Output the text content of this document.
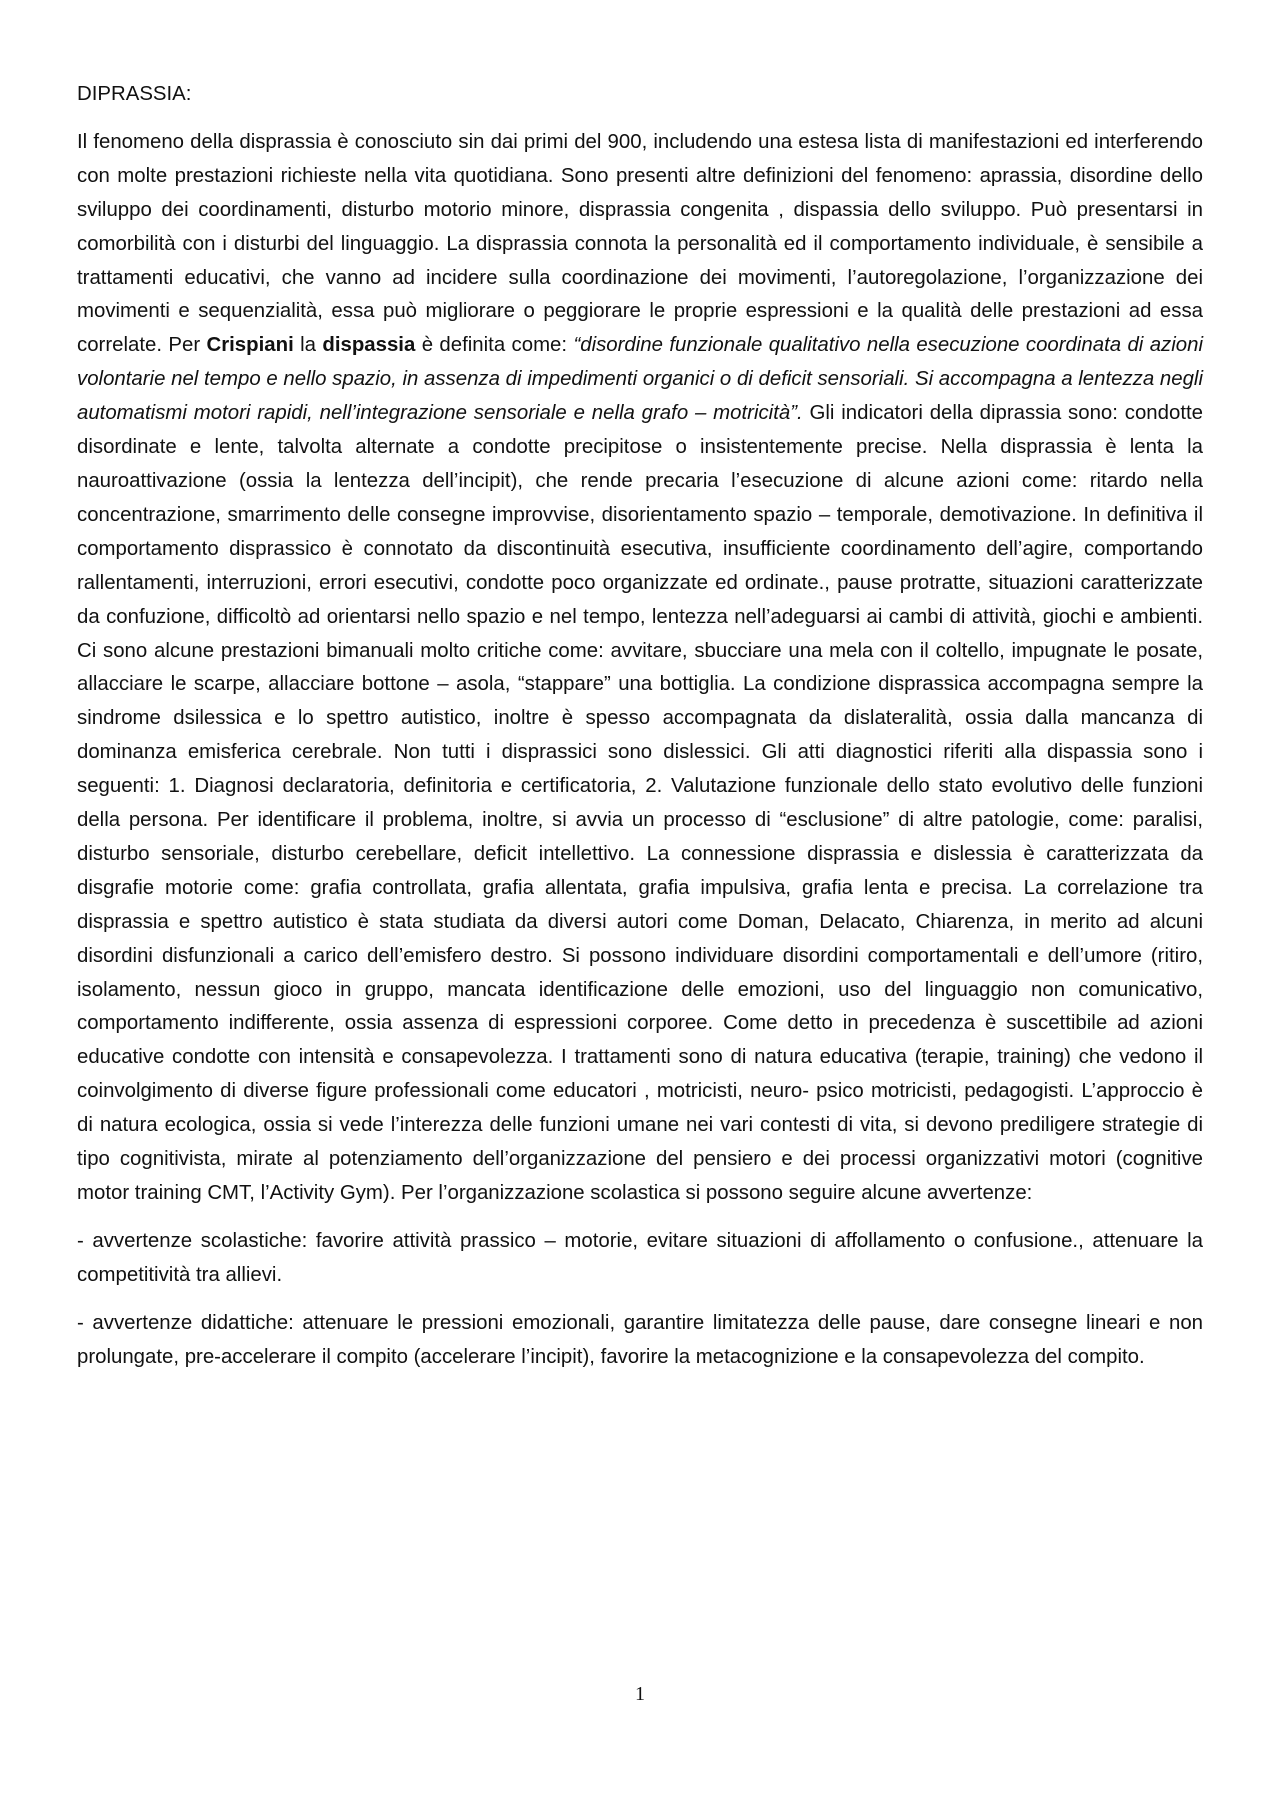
DIPRASSIA:

Il fenomeno della disprassia è conosciuto sin dai primi del 900, includendo una estesa lista di manifestazioni ed interferendo con molte prestazioni richieste nella vita quotidiana. Sono presenti altre definizioni del fenomeno: aprassia, disordine dello sviluppo dei coordinamenti, disturbo motorio minore, disprassia congenita , dispassia dello sviluppo. Può presentarsi in comorbilità con i disturbi del linguaggio. La disprassia connota la personalità ed il comportamento individuale, è sensibile a trattamenti educativi, che vanno ad incidere sulla coordinazione dei movimenti, l’autoregolazione, l’organizzazione dei movimenti e sequenzialità, essa può migliorare o peggiorare le proprie espressioni e la qualità delle prestazioni ad essa correlate. Per Crispiani la dispassia è definita come: “disordine funzionale qualitativo nella esecuzione coordinata di azioni volontarie nel tempo e nello spazio, in assenza di impedimenti organici o di deficit sensoriali. Si accompagna a lentezza negli automatismi motori rapidi, nell’integrazione sensoriale e nella grafo – motricità”. Gli indicatori della diprassia sono: condotte disordinate e lente, talvolta alternate a condotte precipitose o insistentemente precise. Nella disprassia è lenta la nauroattivazione (ossia la lentezza dell’incipit), che rende precaria l’esecuzione di alcune azioni come: ritardo nella concentrazione, smarrimento delle consegne improvvise, disorientamento spazio – temporale, demotivazione. In definitiva il comportamento disprassico è connotato da discontinuità esecutiva, insufficiente coordinamento dell’agire, comportando rallentamenti, interruzioni, errori esecutivi, condotte poco organizzate ed ordinate., pause protratte, situazioni caratterizzate da confuzione, difficoltò ad orientarsi nello spazio e nel tempo, lentezza nell’adeguarsi ai cambi di attività, giochi e ambienti. Ci sono alcune prestazioni bimanuali molto critiche come: avvitare, sbucciare una mela con il coltello, impugnate le posate, allacciare le scarpe, allacciare bottone – asola, “stappare” una bottiglia. La condizione disprassica accompagna sempre la sindrome dsilessica e lo spettro autistico, inoltre è spesso accompagnata da dislateralità, ossia dalla mancanza di dominanza emisferica cerebrale. Non tutti i disprassici sono dislessici. Gli atti diagnostici riferiti alla dispassia sono i seguenti: 1. Diagnosi declaratoria, definitoria e certificatoria, 2. Valutazione funzionale dello stato evolutivo delle funzioni della persona. Per identificare il problema, inoltre, si avvia un processo di “esclusione” di altre patologie, come: paralisi, disturbo sensoriale, disturbo cerebellare, deficit intellettivo. La connessione disprassia e dislessia è caratterizzata da disgrafie motorie come: grafia controllata, grafia allentata, grafia impulsiva, grafia lenta e precisa. La correlazione tra disprassia e spettro autistico è stata studiata da diversi autori come Doman, Delacato, Chiarenza, in merito ad alcuni disordini disfunzionali a carico dell’emisfero destro. Si possono individuare disordini comportamentali e dell’umore (ritiro, isolamento, nessun gioco in gruppo, mancata identificazione delle emozioni, uso del linguaggio non comunicativo, comportamento indifferente, ossia assenza di espressioni corporee. Come detto in precedenza è suscettibile ad azioni educative condotte con intensità e consapevolezza. I trattamenti sono di natura educativa (terapie, training) che vedono il coinvolgimento di diverse figure professionali come educatori , motricisti, neuro- psico motricisti, pedagogisti. L’approccio è di natura ecologica, ossia si vede l’interezza delle funzioni umane nei vari contesti di vita, si devono prediligere strategie di tipo cognitivista, mirate al potenziamento dell’organizzazione del pensiero e dei processi organizzativi motori (cognitive motor training CMT, l’Activity Gym). Per l’organizzazione scolastica si possono seguire alcune avvertenze:

- avvertenze scolastiche: favorire attività prassico – motorie, evitare situazioni di affollamento o confusione., attenuare la competitività tra allievi.

- avvertenze didattiche: attenuare le pressioni emozionali, garantire limitatezza delle pause, dare consegne lineari e non prolungate, pre-accelerare il compito (accelerare l’incipit), favorire la metacognizione e la consapevolezza del compito.

1
